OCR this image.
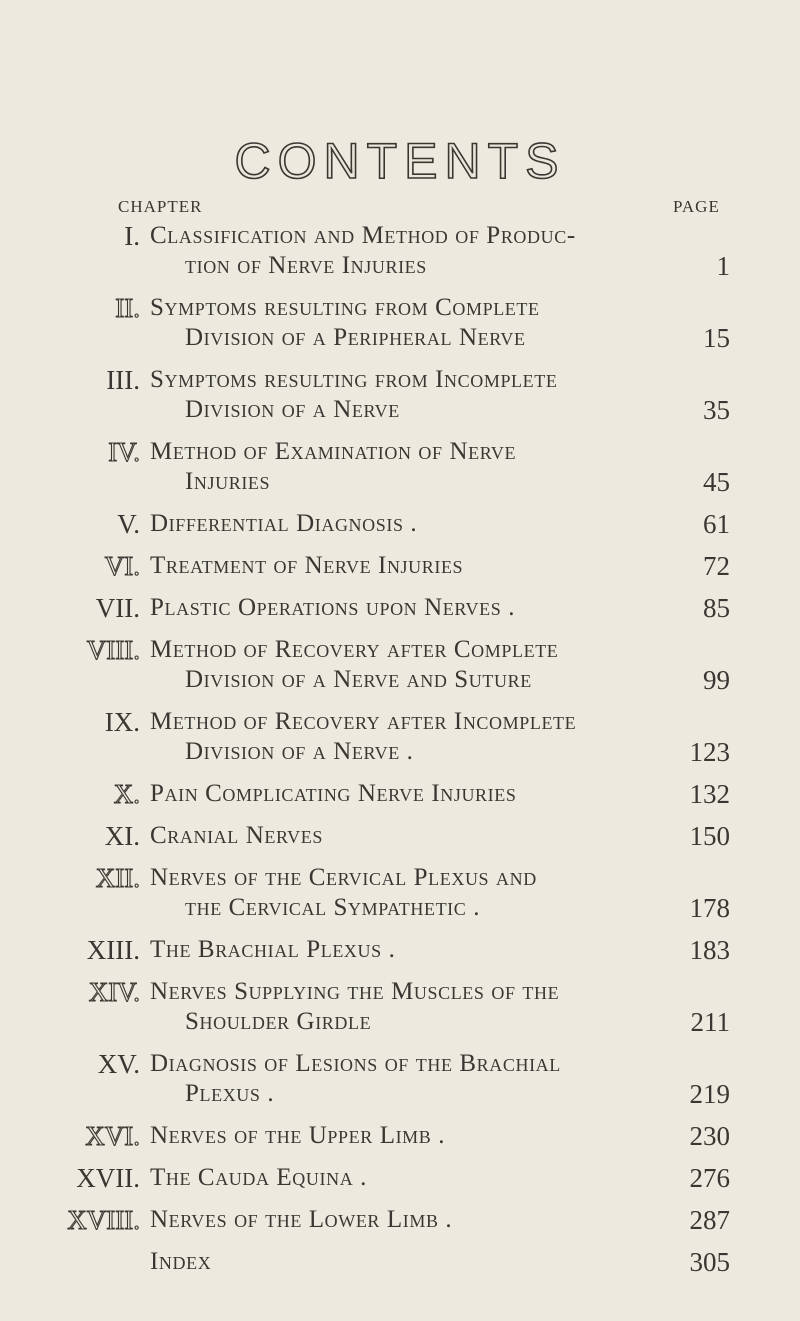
CONTENTS
CHAPTER	PAGE
I. Classification and Method of Produc-
tion of Nerve Injuries	1
II. Symptoms resulting from Complete
Division of a Peripheral Nerve	15
III. Symptoms resulting from Incomplete
Division of a Nerve	35
IV. Method of Examination of Nerve
Injuries	45
V. Differential Diagnosis .	61
VI. Treatment of Nerve Injuries	72
VII. Plastic Operations upon Nerves .	85
VIII. Method of Recovery after Complete
Division of a Nerve and Suture	99
IX. Method of Recovery after Incomplete
Division of a Nerve .	123
X. Pain Complicating Nerve Injuries	132
XI. Cranial Nerves	150
XII. Nerves of the Cervical Plexus and
the Cervical Sympathetic .	178
XIII. The Brachial Plexus .	183
XIV. Nerves Supplying the Muscles of the
Shoulder Girdle	211
XV. Diagnosis of Lesions of the Brachial
Plexus .	219
XVI. Nerves of the Upper Limb .	230
XVII. The Cauda Equina .	276
XVIII. Nerves of the Lower Limb .	287
Index	305
